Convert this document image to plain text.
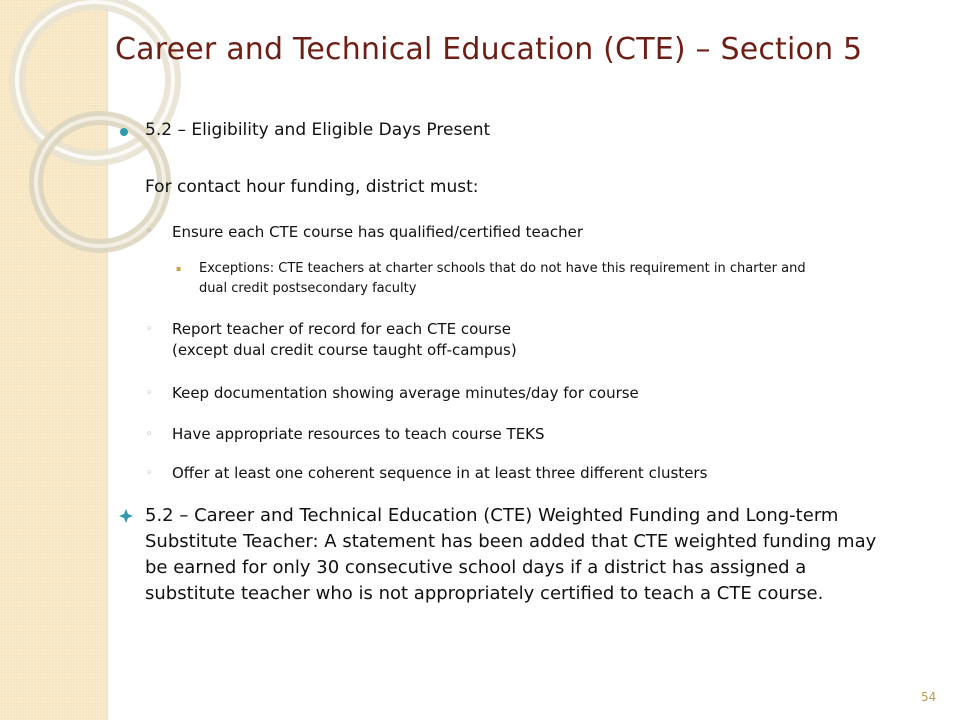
Career and Technical Education (CTE) – Section 5
5.2 – Eligibility and Eligible Days Present
For contact hour funding, district must:
◦ Ensure each CTE course has qualified/certified teacher
▪ Exceptions: CTE teachers at charter schools that do not have this requirement in charter and
dual credit postsecondary faculty
◦ Report teacher of record for each CTE course
(except dual credit course taught off-campus)
◦ Keep documentation showing average minutes/day for course
◦ Have appropriate resources to teach course TEKS
◦ Offer at least one coherent sequence in at least three different clusters
5.2 – Career and Technical Education (CTE) Weighted Funding and Long-term
Substitute Teacher: A statement has been added that CTE weighted funding may
be earned for only 30 consecutive school days if a district has assigned a
substitute teacher who is not appropriately certified to teach a CTE course.
54
